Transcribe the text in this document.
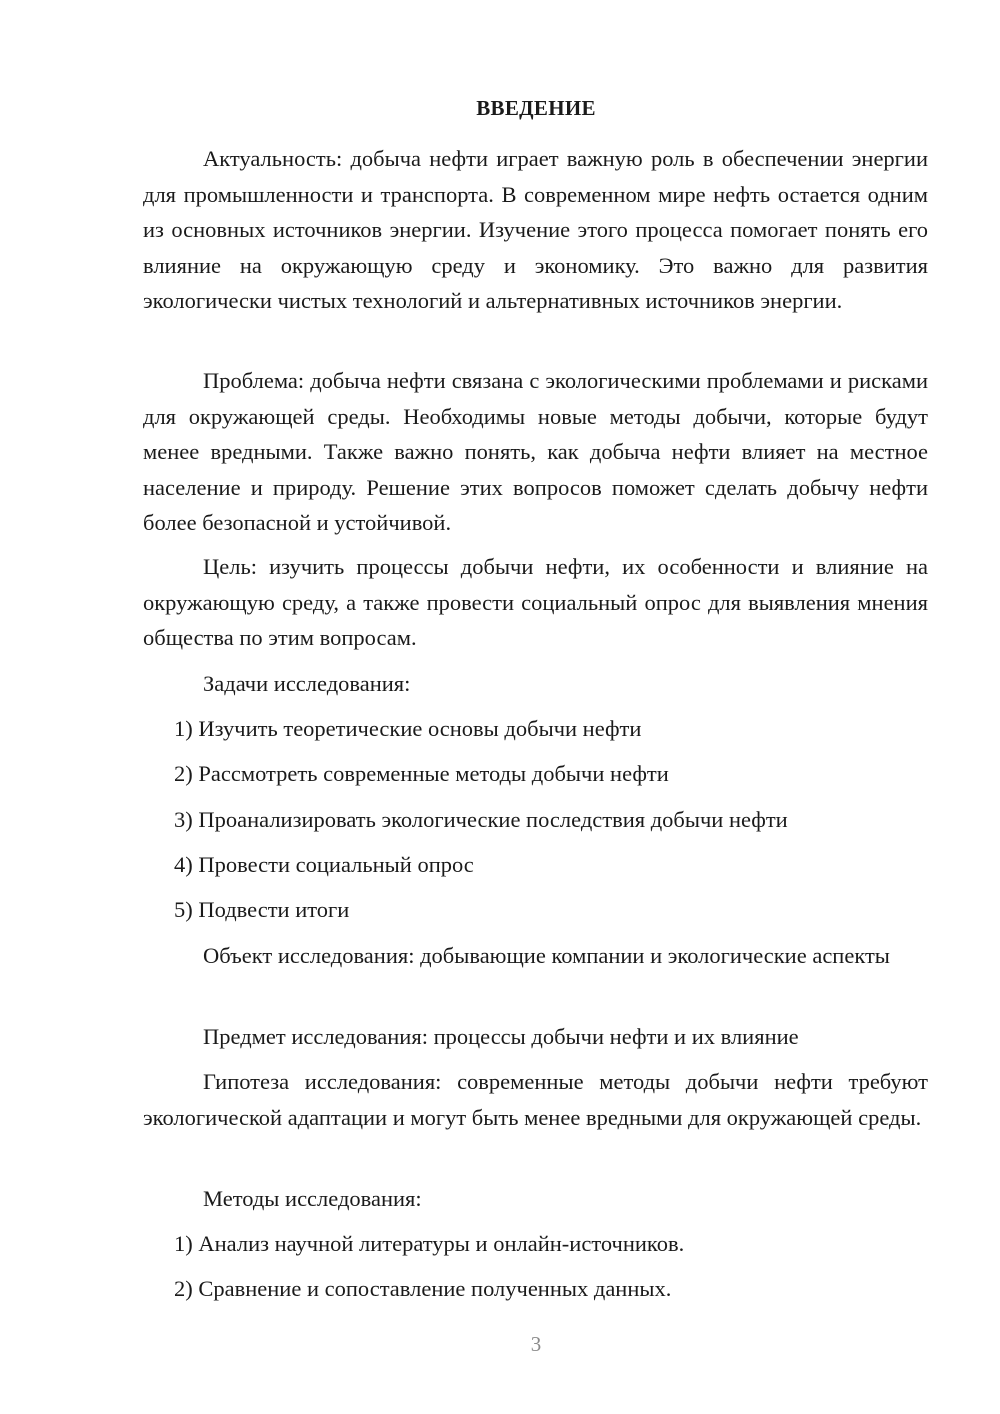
ВВЕДЕНИЕ

Актуальность: добыча нефти играет важную роль в обеспечении энергии для промышленности и транспорта. В современном мире нефть остается одним из основных источников энергии. Изучение этого процесса помогает понять его влияние на окружающую среду и экономику. Это важно для развития экологически чистых технологий и альтернативных источников энергии.

Проблема: добыча нефти связана с экологическими проблемами и рисками для окружающей среды. Необходимы новые методы добычи, которые будут менее вредными. Также важно понять, как добыча нефти влияет на местное население и природу. Решение этих вопросов поможет сделать добычу нефти более безопасной и устойчивой.

Цель: изучить процессы добычи нефти, их особенности и влияние на окружающую среду, а также провести социальный опрос для выявления мнения общества по этим вопросам.

Задачи исследования:

1) Изучить теоретические основы добычи нефти

2) Рассмотреть современные методы добычи нефти

3) Проанализировать экологические последствия добычи нефти

4) Провести социальный опрос

5) Подвести итоги

Объект исследования: добывающие компании и экологические аспекты

Предмет исследования: процессы добычи нефти и их влияние

Гипотеза исследования: современные методы добычи нефти требуют экологической адаптации и могут быть менее вредными для окружающей среды.

Методы исследования:

1) Анализ научной литературы и онлайн-источников.

2) Сравнение и сопоставление полученных данных.

3
